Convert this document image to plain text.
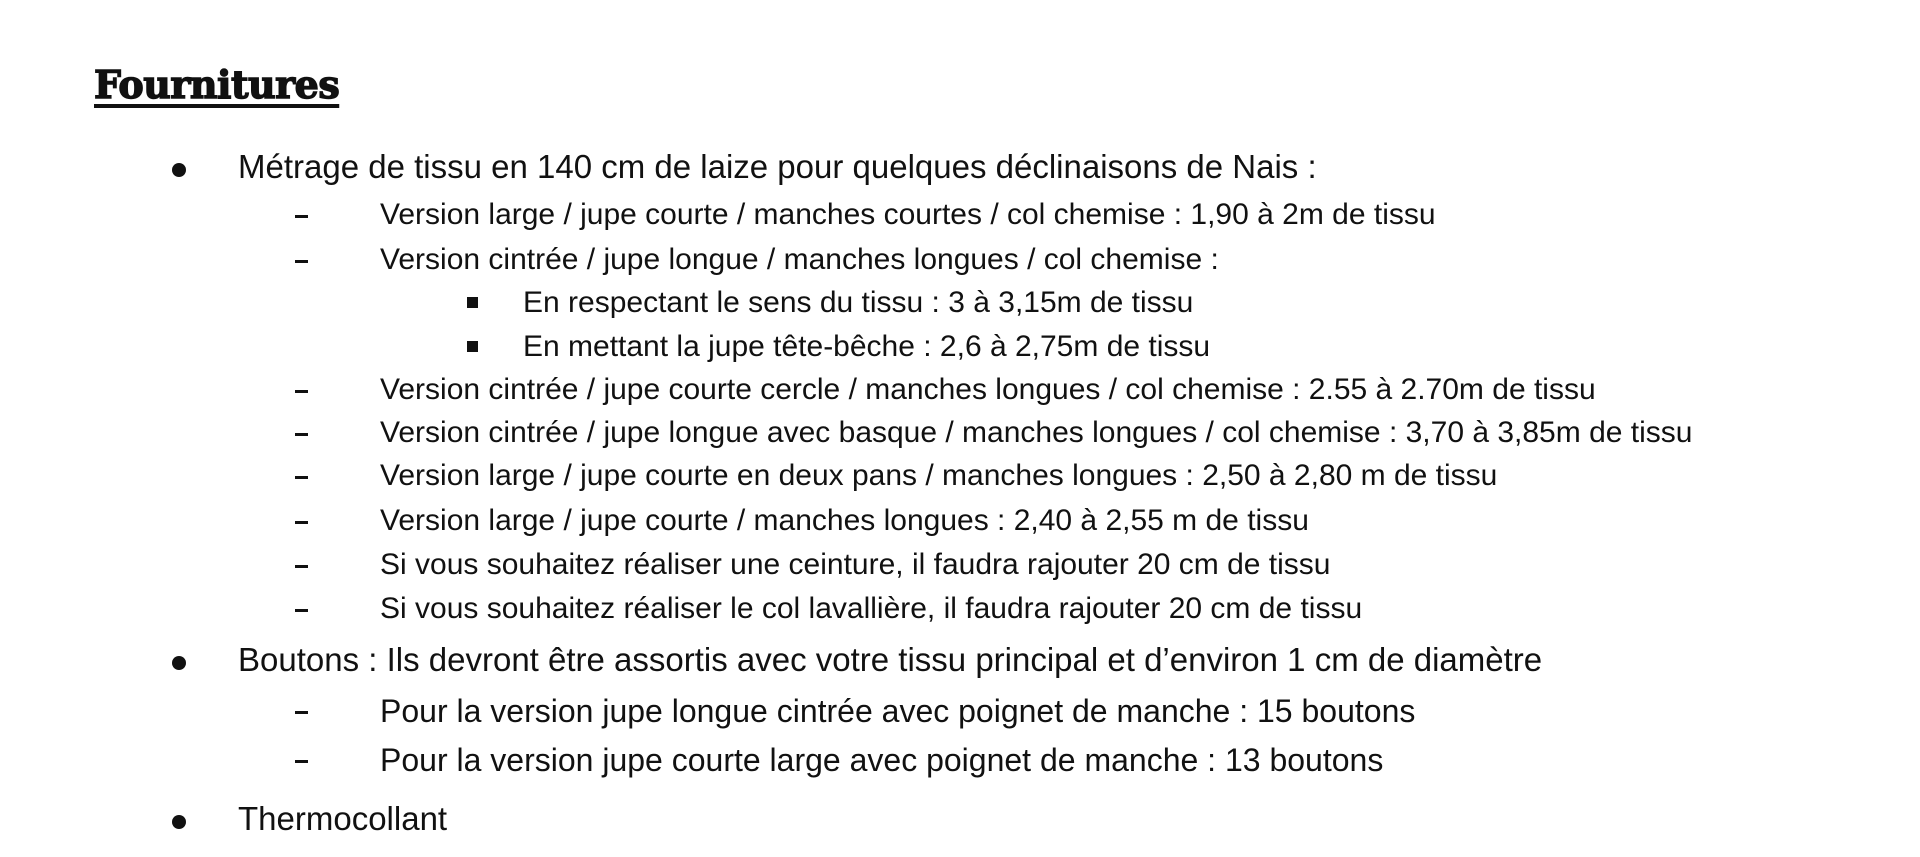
Fournitures
Métrage de tissu en 140 cm de laize pour quelques déclinaisons de Nais :
Version large / jupe courte / manches courtes / col chemise : 1,90 à 2m de tissu
Version cintrée / jupe longue / manches longues / col chemise :
En respectant le sens du tissu : 3 à 3,15m de tissu
En mettant la jupe tête-bêche : 2,6 à 2,75m de tissu
Version cintrée / jupe courte cercle / manches longues / col chemise : 2.55 à 2.70m de tissu
Version cintrée / jupe longue avec basque / manches longues / col chemise : 3,70 à 3,85m de tissu
Version large / jupe courte en deux pans / manches longues : 2,50 à 2,80 m de tissu
Version large / jupe courte / manches longues : 2,40 à 2,55 m de tissu
Si vous souhaitez réaliser une ceinture, il faudra rajouter 20 cm de tissu
Si vous souhaitez réaliser le col lavallière, il faudra rajouter 20 cm de tissu
Boutons : Ils devront être assortis avec votre tissu principal et d’environ 1 cm de diamètre
Pour la version jupe longue cintrée avec poignet de manche : 15 boutons
Pour la version jupe courte large avec poignet de manche : 13 boutons
Thermocollant
